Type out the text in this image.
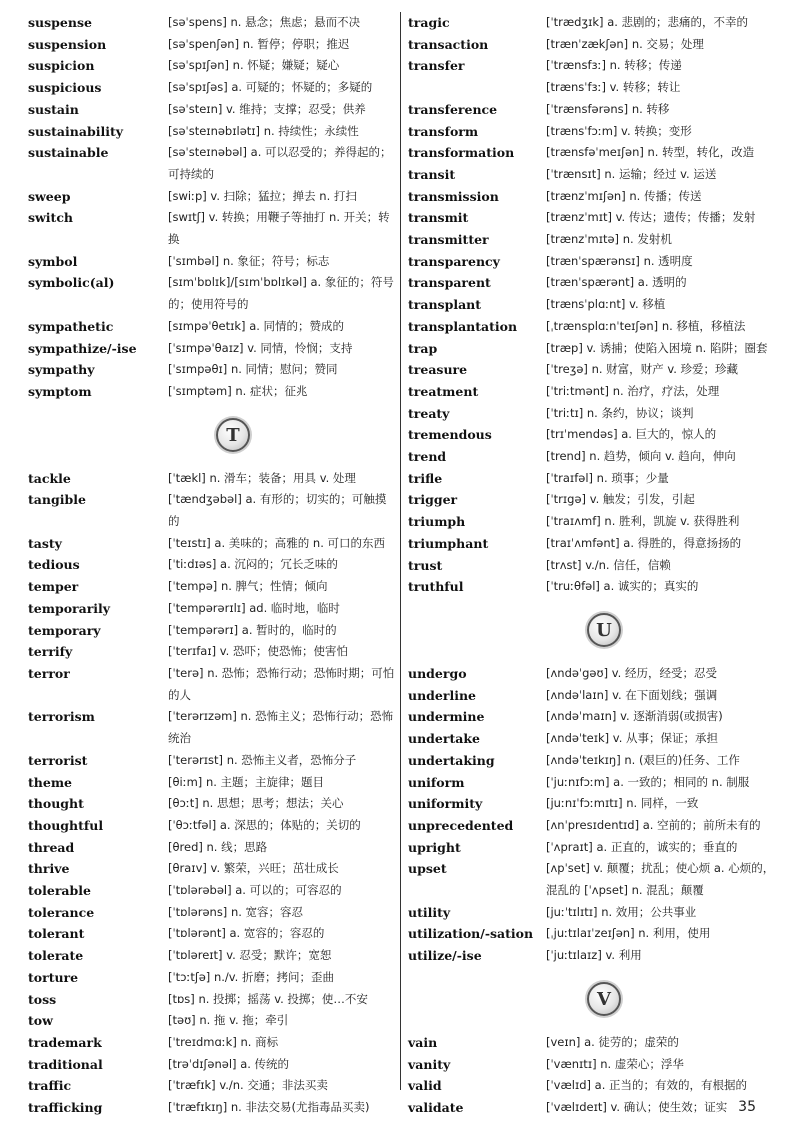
suspense	[səˈspens] n. 悬念；焦虑；悬而不决
suspension	[səˈspenʃən] n. 暂停；停职；推迟
suspicion	[səˈspɪʃən] n. 怀疑；嫌疑；疑心
suspicious	[səˈspɪʃəs] a. 可疑的；怀疑的；多疑的
sustain	[səˈsteɪn] v. 维持；支撑；忍受；供养
sustainability	[səˈsteɪnəbɪlətɪ] n. 持续性；永续性
sustainable	[səˈsteɪnəbəl] a. 可以忍受的；养得起的；可持续的
sweep	[swiːp] v. 扫除；猛拉；掸去 n. 打扫
switch	[swɪtʃ] v. 转换；用鞭子等抽打 n. 开关；转换
symbol	[ˈsɪmbəl] n. 象征；符号；标志
symbolic(al)	[sɪmˈbɒlɪk]/[sɪmˈbɒlɪkəl] a. 象征的；符号的；使用符号的
sympathetic	[sɪmpəˈθetɪk] a. 同情的；赞成的
sympathize/-ise	[ˈsɪmpəˈθaɪz] v. 同情，怜悯；支持
sympathy	[ˈsɪmpəθɪ] n. 同情；慰问；赞同
symptom	[ˈsɪmptəm] n. 症状；征兆
T
tackle	[ˈtækl] n. 滑车；装备；用具 v. 处理
tangible	[ˈtændʒəbəl] a. 有形的；切实的；可触摸的
tasty	[ˈteɪstɪ] a. 美味的；高雅的 n. 可口的东西
tedious	[ˈtiːdɪəs] a. 沉闷的；冗长乏味的
temper	[ˈtempə] n. 脾气；性情；倾向
temporarily	[ˈtempərərɪlɪ] ad. 临时地，临时
temporary	[ˈtempərərɪ] a. 暂时的，临时的
terrify	[ˈterɪfaɪ] v. 恐吓；使恐怖；使害怕
terror	[ˈterə] n. 恐怖；恐怖行动；恐怖时期；可怕的人
terrorism	[ˈterərɪzəm] n. 恐怖主义；恐怖行动；恐怖统治
terrorist	[ˈterərɪst] n. 恐怖主义者，恐怖分子
theme	[θiːm] n. 主题；主旋律；题目
thought	[θɔːt] n. 思想；思考；想法；关心
thoughtful	[ˈθɔːtfəl] a. 深思的；体贴的；关切的
thread	[θred] n. 线；思路
thrive	[θraɪv] v. 繁荣，兴旺；茁壮成长
tolerable	[ˈtɒlərəbəl] a. 可以的；可容忍的
tolerance	[ˈtɒlərəns] n. 宽容；容忍
tolerant	[ˈtɒlərənt] a. 宽容的；容忍的
tolerate	[ˈtɒləreɪt] v. 忍受；默许；宽恕
torture	[ˈtɔːtʃə] n./v. 折磨；拷问；歪曲
toss	[tɒs] n. 投掷；摇荡 v. 投掷；使…不安
tow	[təʊ] n. 拖 v. 拖；牵引
trademark	[ˈtreɪdmɑːk] n. 商标
traditional	[trəˈdɪʃənəl] a. 传统的
traffic	[ˈtræfɪk] v./n. 交通；非法买卖
trafficking	[ˈtræfɪkɪŋ] n. 非法交易(尤指毒品买卖)
tragic	[ˈtrædʒɪk] a. 悲剧的；悲痛的，不幸的
transaction	[trænˈzækʃən] n. 交易；处理
transfer	[ˈtrænsfɜː] n. 转移；传递
[trænsˈfɜː] v. 转移；转让
transference	[ˈtrænsfərəns] n. 转移
transform	[trænsˈfɔːm] v. 转换；变形
transformation	[trænsfəˈmeɪʃən] n. 转型，转化，改造
transit	[ˈtrænsɪt] n. 运输；经过 v. 运送
transmission	[trænzˈmɪʃən] n. 传播；传送
transmit	[trænzˈmɪt] v. 传达；遗传；传播；发射
transmitter	[trænzˈmɪtə] n. 发射机
transparency	[trænˈspærənsɪ] n. 透明度
transparent	[trænˈspærənt] a. 透明的
transplant	[trænsˈplɑːnt] v. 移植
transplantation	[ˌtrænsplɑːnˈteɪʃən] n. 移植，移植法
trap	[træp] v. 诱捕；使陷入困境 n. 陷阱；圈套
treasure	[ˈtreʒə] n. 财富，财产 v. 珍爱；珍藏
treatment	[ˈtriːtmənt] n. 治疗，疗法，处理
treaty	[ˈtriːtɪ] n. 条约，协议；谈判
tremendous	[trɪˈmendəs] a. 巨大的，惊人的
trend	[trend] n. 趋势，倾向 v. 趋向，伸向
trifle	[ˈtraɪfəl] n. 琐事；少量
trigger	[ˈtrɪgə] v. 触发；引发，引起
triumph	[ˈtraɪʌmf] n. 胜利，凯旋 v. 获得胜利
triumphant	[traɪˈʌmfənt] a. 得胜的，得意扬扬的
trust	[trʌst] v./n. 信任，信赖
truthful	[ˈtruːθfəl] a. 诚实的；真实的
U
undergo	[ʌndəˈgəʊ] v. 经历，经受；忍受
underline	[ʌndəˈlaɪn] v. 在下面划线；强调
undermine	[ʌndəˈmaɪn] v. 逐渐消弱(或损害)
undertake	[ʌndəˈteɪk] v. 从事；保证；承担
undertaking	[ʌndəˈteɪkɪŋ] n. (艰巨的)任务、工作
uniform	[ˈjuːnɪfɔːm] a. 一致的；相同的 n. 制服
uniformity	[juːnɪˈfɔːmɪtɪ] n. 同样，一致
unprecedented	[ʌnˈpresɪdentɪd] a. 空前的；前所未有的
upright	[ˈʌpraɪt] a. 正直的，诚实的；垂直的
upset	[ʌpˈset] v. 颠覆；扰乱；使心烦 a. 心烦的，混乱的 [ˈʌpset] n. 混乱；颠覆
utility	[juːˈtɪlɪtɪ] n. 效用；公共事业
utilization/-sation	[ˌjuːtɪlaɪˈzeɪʃən] n. 利用，使用
utilize/-ise	[ˈjuːtɪlaɪz] v. 利用
V
vain	[veɪn] a. 徒劳的；虚荣的
vanity	[ˈvænɪtɪ] n. 虚荣心；浮华
valid	[ˈvælɪd] a. 正当的；有效的，有根据的
validate	[ˈvælɪdeɪt] v. 确认；使生效；证实 35
